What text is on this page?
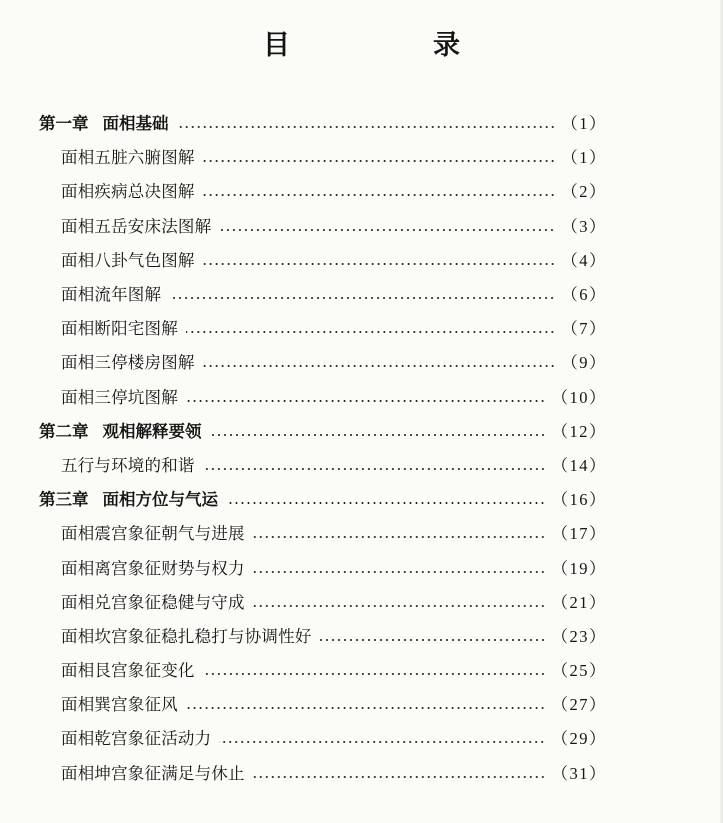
目　录
第一章 面相基础	（1）
面相五脏六腑图解	（1）
面相疾病总决图解	（2）
面相五岳安床法图解	（3）
面相八卦气色图解	（4）
面相流年图解	（6）
面相断阳宅图解	（7）
面相三停楼房图解	（9）
面相三停坑图解	（10）
第二章 观相解释要领	（12）
五行与环境的和谐	（14）
第三章 面相方位与气运	（16）
面相震宫象征朝气与进展	（17）
面相离宫象征财势与权力	（19）
面相兑宫象征稳健与守成	（21）
面相坎宫象征稳扎稳打与协调性好	（23）
面相艮宫象征变化	（25）
面相巽宫象征风	（27）
面相乾宫象征活动力	（29）
面相坤宫象征满足与休止	（31）
